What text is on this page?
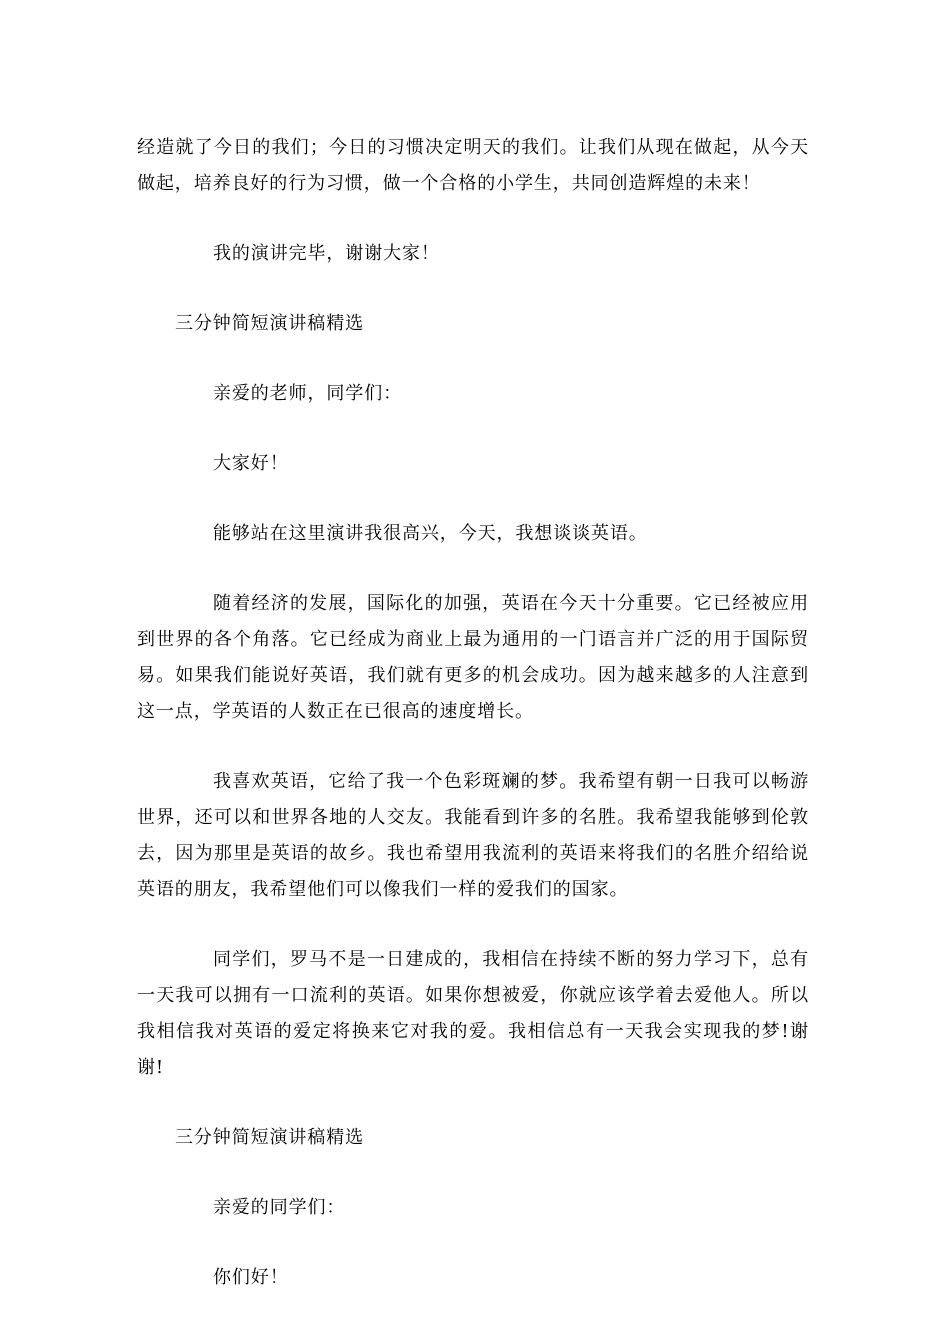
经造就了今日的我们；今日的习惯决定明天的我们。让我们从现在做起，从今天做起，培养良好的行为习惯，做一个合格的小学生，共同创造辉煌的未来！

我的演讲完毕，谢谢大家！

三分钟简短演讲稿精选

亲爱的老师，同学们：

大家好！

能够站在这里演讲我很高兴，今天，我想谈谈英语。

随着经济的发展，国际化的加强，英语在今天十分重要。它已经被应用到世界的各个角落。它已经成为商业上最为通用的一门语言并广泛的用于国际贸易。如果我们能说好英语，我们就有更多的机会成功。因为越来越多的人注意到这一点，学英语的人数正在已很高的速度增长。

我喜欢英语，它给了我一个色彩斑斓的梦。我希望有朝一日我可以畅游世界，还可以和世界各地的人交友。我能看到许多的名胜。我希望我能够到伦敦去，因为那里是英语的故乡。我也希望用我流利的英语来将我们的名胜介绍给说英语的朋友，我希望他们可以像我们一样的爱我们的国家。

同学们，罗马不是一日建成的，我相信在持续不断的努力学习下，总有一天我可以拥有一口流利的英语。如果你想被爱，你就应该学着去爱他人。所以我相信我对英语的爱定将换来它对我的爱。我相信总有一天我会实现我的梦!谢谢!

三分钟简短演讲稿精选

亲爱的同学们：

你们好！
